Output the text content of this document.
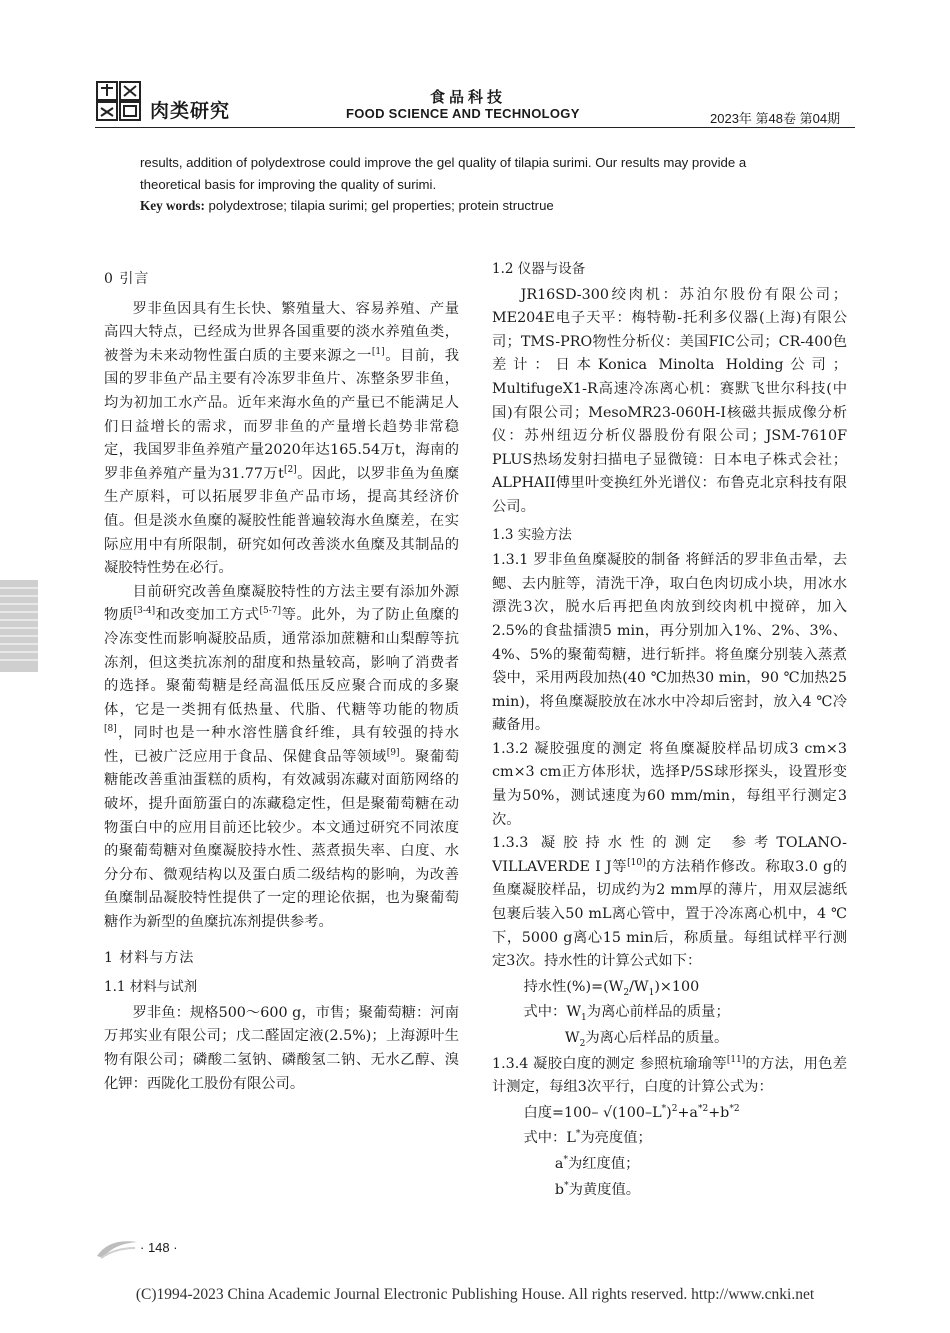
肉类研究
食品科技
FOOD SCIENCE AND TECHNOLOGY	2023年 第48卷 第04期
results, addition of polydextrose could improve the gel quality of tilapia surimi. Our results may provide a
theoretical basis for improving the quality of surimi.
Key words: polydextrose; tilapia surimi; gel properties; protein structrue
0 引言

罗非鱼因具有生长快、繁殖量大、容易养殖、产量高四大特点，已经成为世界各国重要的淡水养殖鱼类，被誉为未来动物性蛋白质的主要来源之一[1]。目前，我国的罗非鱼产品主要有冷冻罗非鱼片、冻整条罗非鱼，均为初加工水产品。近年来海水鱼的产量已不能满足人们日益增长的需求，而罗非鱼的产量增长趋势非常稳定，我国罗非鱼养殖产量2020年达165.54万t，海南的罗非鱼养殖产量为31.77万t[2]。因此，以罗非鱼为鱼糜生产原料，可以拓展罗非鱼产品市场，提高其经济价值。但是淡水鱼糜的凝胶性能普遍较海水鱼糜差，在实际应用中有所限制，研究如何改善淡水鱼糜及其制品的凝胶特性势在必行。

目前研究改善鱼糜凝胶特性的方法主要有添加外源物质[3-4]和改变加工方式[5-7]等。此外，为了防止鱼糜的冷冻变性而影响凝胶品质，通常添加蔗糖和山梨醇等抗冻剂，但这类抗冻剂的甜度和热量较高，影响了消费者的选择。聚葡萄糖是经高温低压反应聚合而成的多聚体，它是一类拥有低热量、代脂、代糖等功能的物质[8]，同时也是一种水溶性膳食纤维，具有较强的持水性，已被广泛应用于食品、保健食品等领域[9]。聚葡萄糖能改善重油蛋糕的质构，有效减弱冻藏对面筋网络的破坏，提升面筋蛋白的冻藏稳定性，但是聚葡萄糖在动物蛋白中的应用目前还比较少。本文通过研究不同浓度的聚葡萄糖对鱼糜凝胶持水性、蒸煮损失率、白度、水分分布、微观结构以及蛋白质二级结构的影响，为改善鱼糜制品凝胶特性提供了一定的理论依据，也为聚葡萄糖作为新型的鱼糜抗冻剂提供参考。

1 材料与方法
1.1 材料与试剂

罗非鱼：规格500～600 g，市售；聚葡萄糖：河南万邦实业有限公司；戊二醛固定液(2.5%)；上海源叶生物有限公司；磷酸二氢钠、磷酸氢二钠、无水乙醇、溴化钾：西陇化工股份有限公司。

1.2 仪器与设备

JR16SD-300绞肉机：苏泊尔股份有限公司；ME204E电子天平：梅特勒-托利多仪器(上海)有限公司；TMS-PRO物性分析仪：美国FIC公司；CR-400色差计：日本Konica Minolta Holding公司；MultifugeX1-R高速冷冻离心机：赛默飞世尔科技(中国)有限公司；MesoMR23-060H-I核磁共振成像分析仪：苏州纽迈分析仪器股份有限公司；JSM-7610F PLUS热场发射扫描电子显微镜：日本电子株式会社；ALPHAII傅里叶变换红外光谱仪：布鲁克北京科技有限公司。

1.3 实验方法

1.3.1 罗非鱼鱼糜凝胶的制备 将鲜活的罗非鱼击晕，去鳃、去内脏等，清洗干净，取白色肉切成小块，用冰水漂洗3次，脱水后再把鱼肉放到绞肉机中搅碎，加入2.5%的食盐擂溃5 min，再分别加入1%、2%、3%、4%、5%的聚葡萄糖，进行斩拌。将鱼糜分别装入蒸煮袋中，采用两段加热(40 ℃加热30 min，90 ℃加热25 min)，将鱼糜凝胶放在冰水中冷却后密封，放入4 ℃冷藏备用。

1.3.2 凝胶强度的测定 将鱼糜凝胶样品切成3 cm×3 cm×3 cm正方体形状，选择P/5S球形探头，设置形变量为50%，测试速度为60 mm/min，每组平行测定3次。

1.3.3 凝胶持水性的测定 参考TOLANO-VILLAVERDE I J等[10]的方法稍作修改。称取3.0 g的鱼糜凝胶样品，切成约为2 mm厚的薄片，用双层滤纸包裹后装入50 mL离心管中，置于冷冻离心机中，4 ℃下，5000 g离心15 min后，称质量。每组试样平行测定3次。持水性的计算公式如下：

持水性$(\%)=(W_2/W_1)\times 100$
式中：$W_1$为离心前样品的质量；
$W_2$为离心后样品的质量。

1.3.4 凝胶白度的测定 参照杭瑜瑜等[11]的方法，用色差计测定，每组3次平行，白度的计算公式为：

白度=100– $√(100-L^*)^2+a^{*2}+b^{*2}$
式中：L*为亮度值；
a*为红度值；
b*为黄度值。
· 148 ·
(C)1994-2023 China Academic Journal Electronic Publishing House. All rights reserved. http://www.cnki.net
